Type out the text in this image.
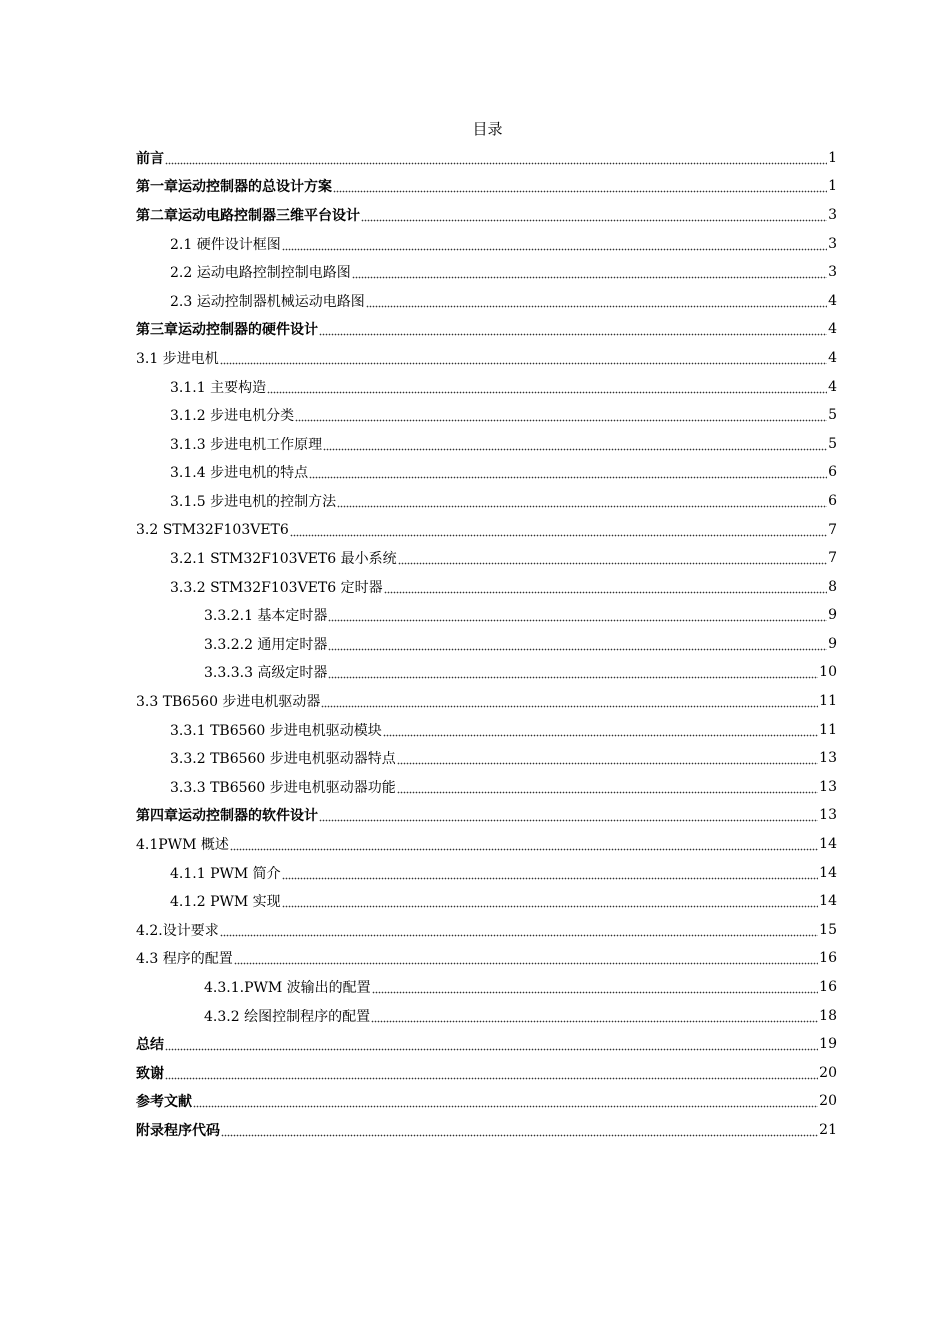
目录
前言	1
第一章运动控制器的总设计方案	1
第二章运动电路控制器三维平台设计	3
2.1 硬件设计框图	3
2.2 运动电路控制控制电路图	3
2.3 运动控制器机械运动电路图	4
第三章运动控制器的硬件设计	4
3.1 步进电机	4
3.1.1 主要构造	4
3.1.2 步进电机分类	5
3.1.3 步进电机工作原理	5
3.1.4 步进电机的特点	6
3.1.5 步进电机的控制方法	6
3.2 STM32F103VET6	7
3.2.1 STM32F103VET6 最小系统	7
3.3.2 STM32F103VET6 定时器	8
3.3.2.1 基本定时器	9
3.3.2.2 通用定时器	9
3.3.3.3 高级定时器	10
3.3 TB6560 步进电机驱动器	11
3.3.1 TB6560 步进电机驱动模块	11
3.3.2 TB6560 步进电机驱动器特点	13
3.3.3 TB6560 步进电机驱动器功能	13
第四章运动控制器的软件设计	13
4.1PWM 概述	14
4.1.1 PWM 简介	14
4.1.2 PWM 实现	14
4.2.设计要求	15
4.3 程序的配置	16
4.3.1.PWM 波输出的配置	16
4.3.2 绘图控制程序的配置	18
总结	19
致谢	20
参考文献	20
附录程序代码	21
